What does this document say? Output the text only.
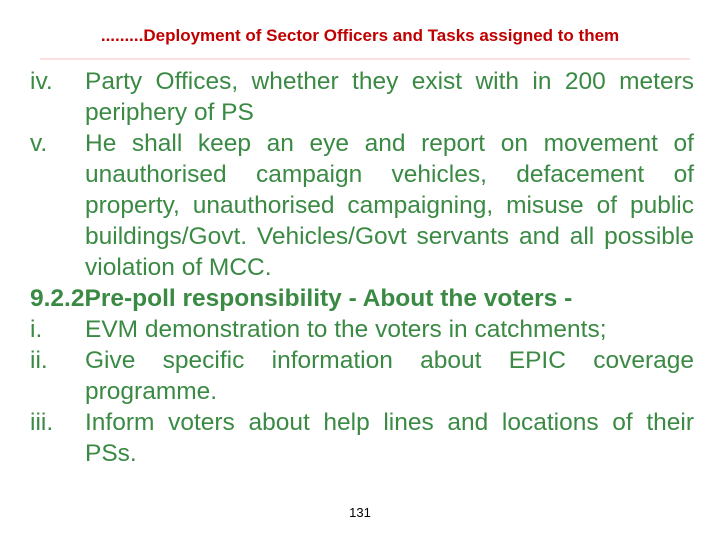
.........Deployment of Sector Officers and Tasks assigned to them
iv.	Party Offices, whether they exist with in 200 meters periphery of PS
v.	He shall keep an eye and report on movement of unauthorised campaign vehicles, defacement of property, unauthorised campaigning, misuse of public buildings/Govt. Vehicles/Govt servants and all possible violation of MCC.
9.2.2Pre-poll responsibility - About the voters -
i.	EVM demonstration to the voters in catchments;
ii.	Give specific information about EPIC coverage programme.
iii.	Inform voters about help lines and locations of their PSs.
131
